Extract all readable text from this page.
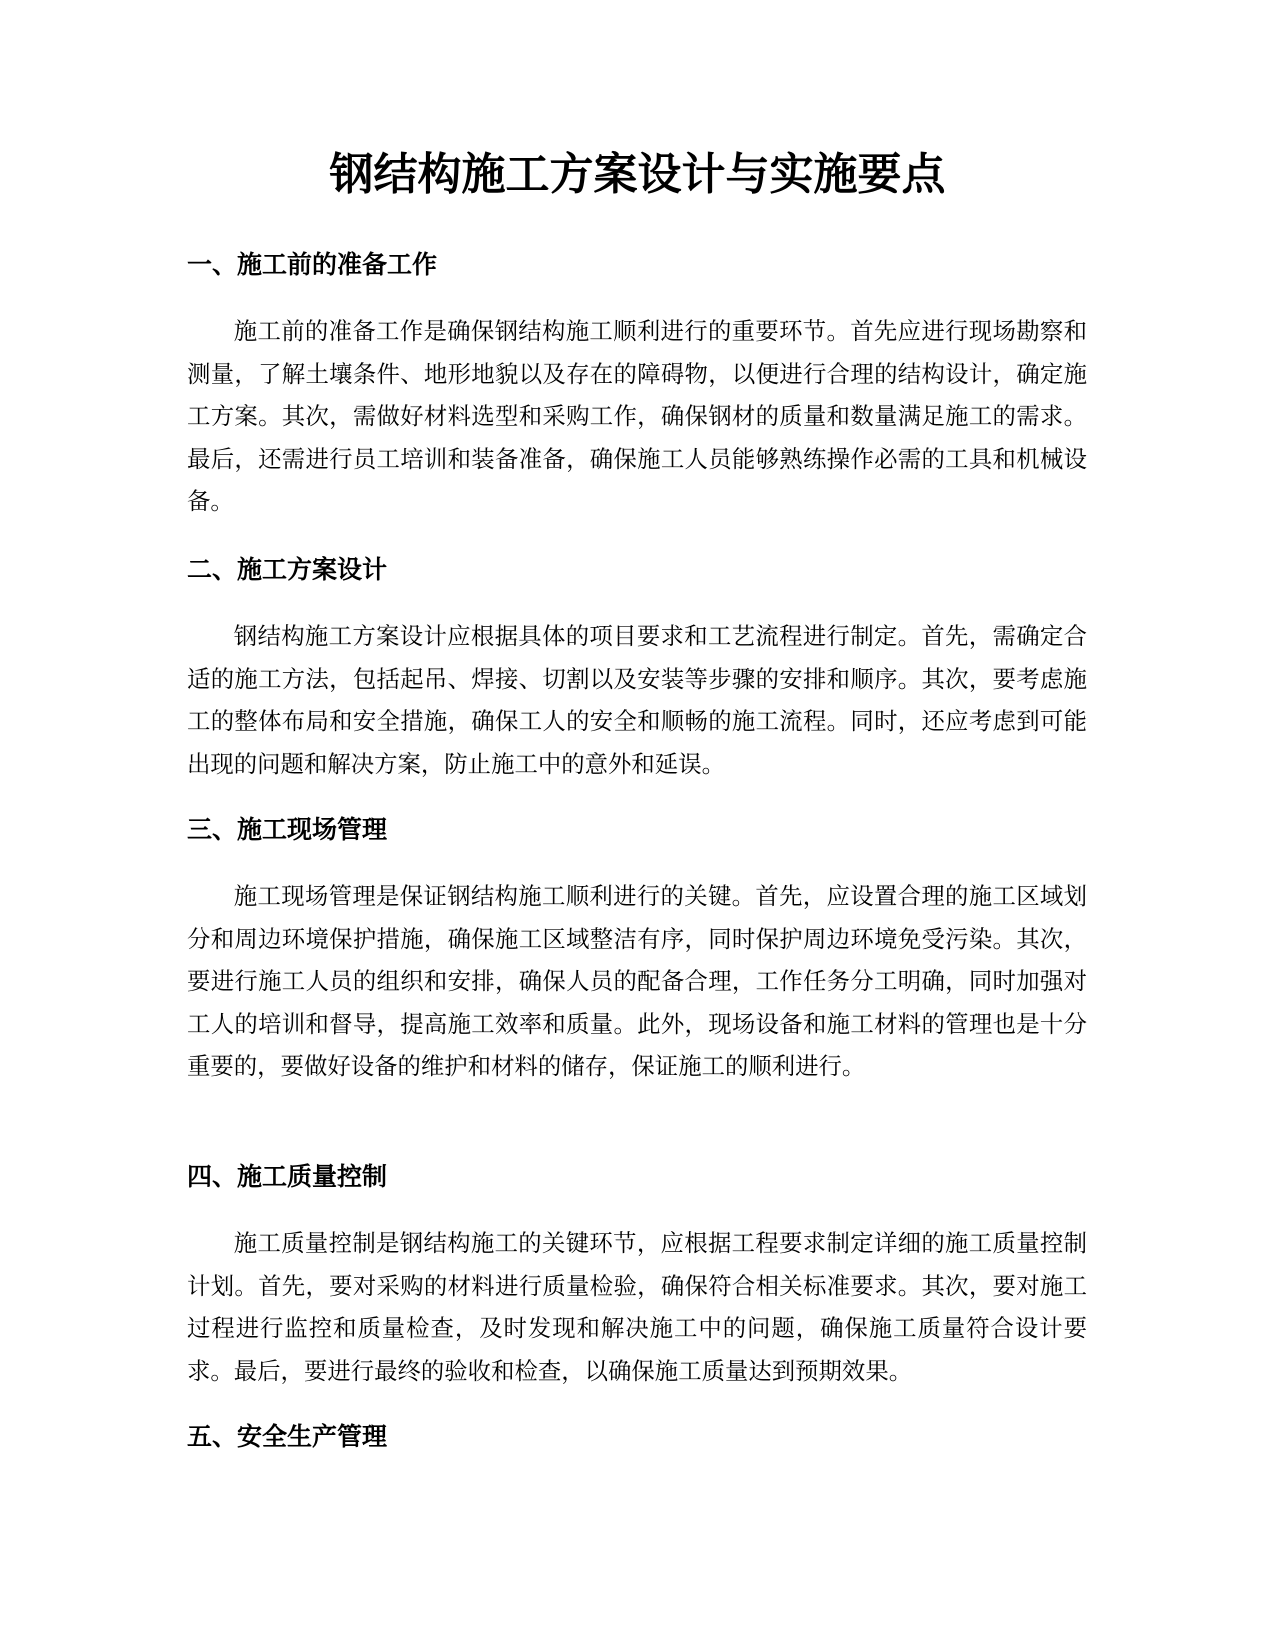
钢结构施工方案设计与实施要点
一、施工前的准备工作

施工前的准备工作是确保钢结构施工顺利进行的重要环节。首先应进行现场勘察和测量，了解土壤条件、地形地貌以及存在的障碍物，以便进行合理的结构设计，确定施工方案。其次，需做好材料选型和采购工作，确保钢材的质量和数量满足施工的需求。最后，还需进行员工培训和装备准备，确保施工人员能够熟练操作必需的工具和机械设备。

二、施工方案设计

钢结构施工方案设计应根据具体的项目要求和工艺流程进行制定。首先，需确定合适的施工方法，包括起吊、焊接、切割以及安装等步骤的安排和顺序。其次，要考虑施工的整体布局和安全措施，确保工人的安全和顺畅的施工流程。同时，还应考虑到可能出现的问题和解决方案，防止施工中的意外和延误。

三、施工现场管理

施工现场管理是保证钢结构施工顺利进行的关键。首先，应设置合理的施工区域划分和周边环境保护措施，确保施工区域整洁有序，同时保护周边环境免受污染。其次，要进行施工人员的组织和安排，确保人员的配备合理，工作任务分工明确，同时加强对工人的培训和督导，提高施工效率和质量。此外，现场设备和施工材料的管理也是十分重要的，要做好设备的维护和材料的储存，保证施工的顺利进行。

四、施工质量控制

施工质量控制是钢结构施工的关键环节，应根据工程要求制定详细的施工质量控制计划。首先，要对采购的材料进行质量检验，确保符合相关标准要求。其次，要对施工过程进行监控和质量检查，及时发现和解决施工中的问题，确保施工质量符合设计要求。最后，要进行最终的验收和检查，以确保施工质量达到预期效果。

五、安全生产管理
